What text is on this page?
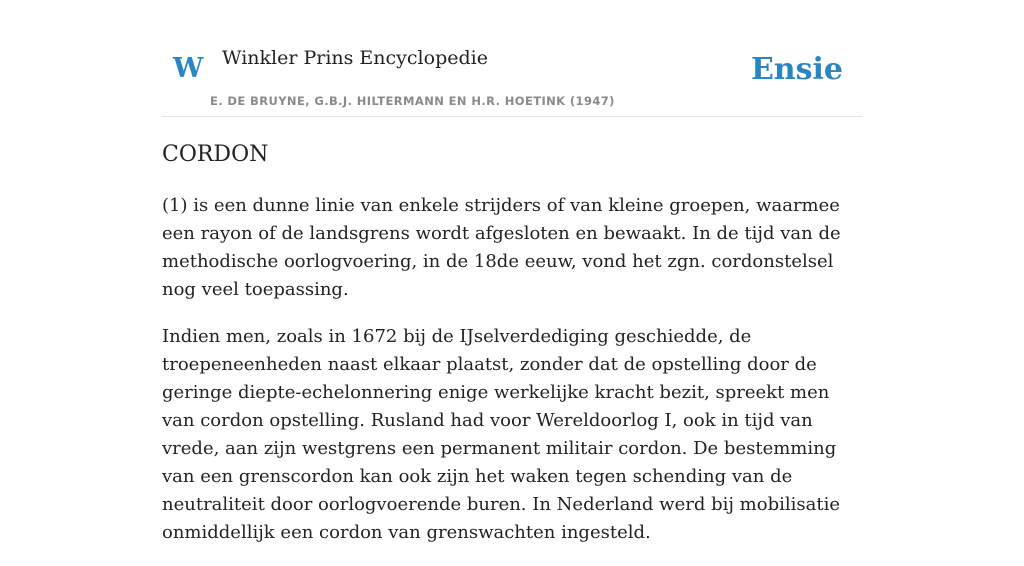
W Winkler Prins Encyclopedie	Ensie
E. DE BRUYNE, G.B.J. HILTERMANN EN H.R. HOETINK (1947)
CORDON

(1) is een dunne linie van enkele strijders of van kleine groepen, waarmee een rayon of de landsgrens wordt afgesloten en bewaakt. In de tijd van de methodische oorlogvoering, in de 18de eeuw, vond het zgn. cordonstelsel nog veel toepassing.

Indien men, zoals in 1672 bij de IJselverdediging geschiedde, de troepeneenheden naast elkaar plaatst, zonder dat de opstelling door de geringe diepte-echelonnering enige werkelijke kracht bezit, spreekt men van cordon opstelling. Rusland had voor Wereldoorlog I, ook in tijd van vrede, aan zijn westgrens een permanent militair cordon. De bestemming van een grenscordon kan ook zijn het waken tegen schending van de neutraliteit door oorlogvoerende buren. In Nederland werd bij mobilisatie onmiddellijk een cordon van grenswachten ingesteld.
